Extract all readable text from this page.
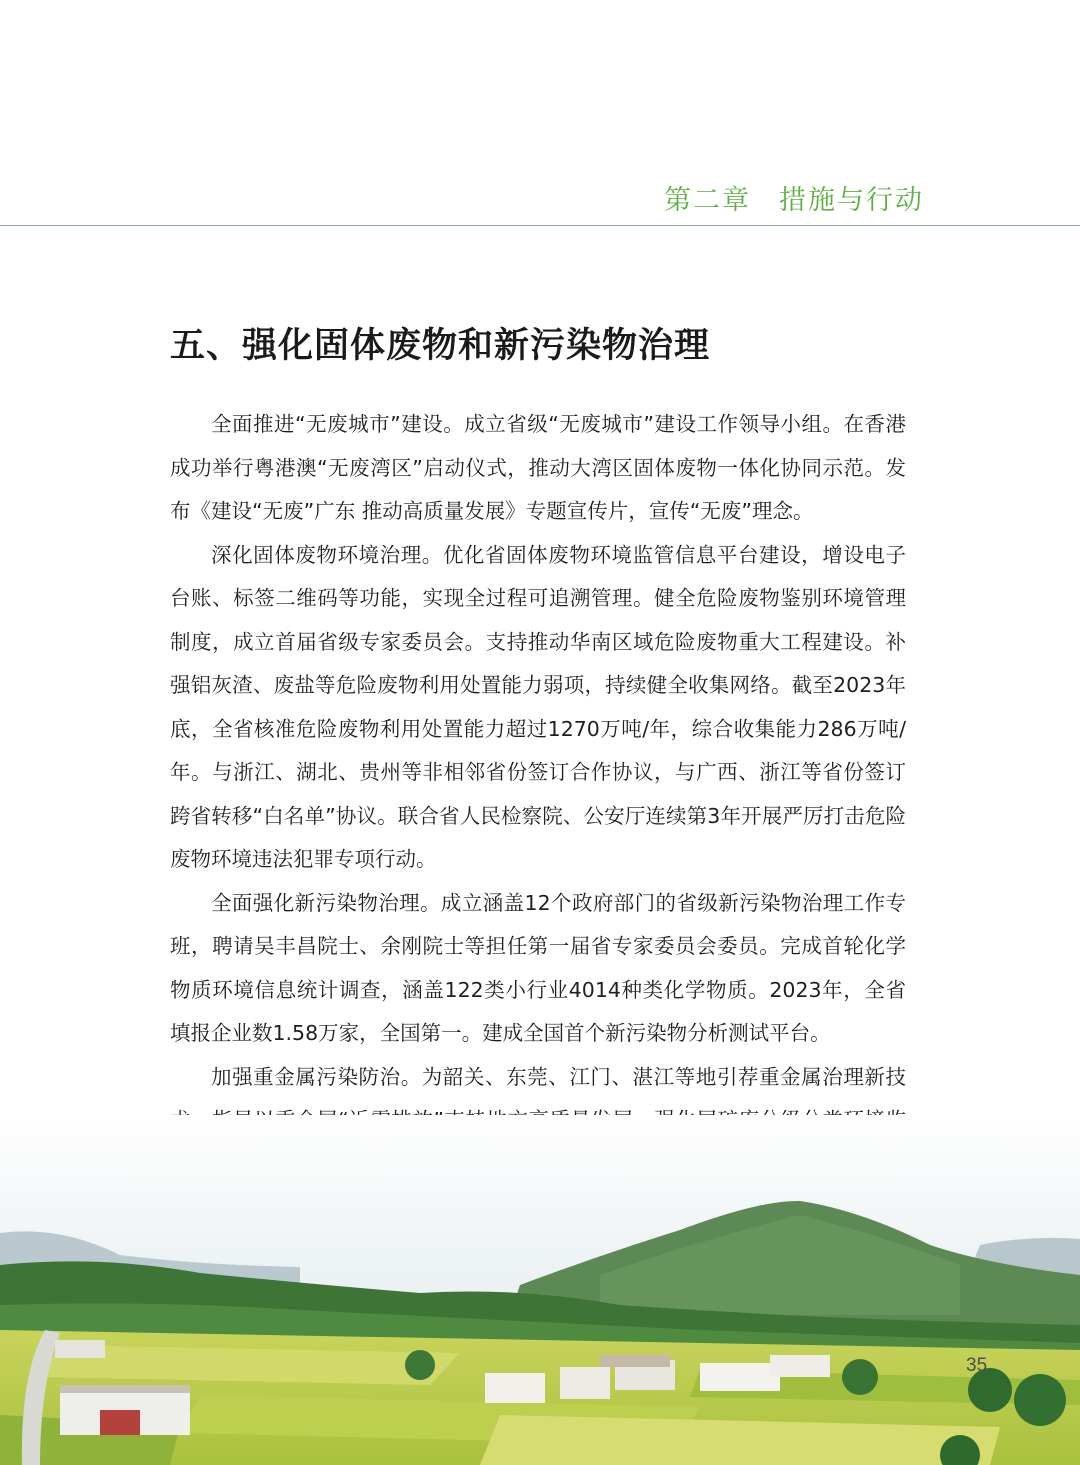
第二章 措施与行动
五、强化固体废物和新污染物治理

全面推进“无废城市”建设。成立省级“无废城市”建设工作领导小组。在香港成功举行粤港澳“无废湾区”启动仪式，推动大湾区固体废物一体化协同示范。发布《建设“无废”广东 推动高质量发展》专题宣传片，宣传“无废”理念。

深化固体废物环境治理。优化省固体废物环境监管信息平台建设，增设电子台账、标签二维码等功能，实现全过程可追溯管理。健全危险废物鉴别环境管理制度，成立首届省级专家委员会。支持推动华南区域危险废物重大工程建设。补强铝灰渣、废盐等危险废物利用处置能力弱项，持续健全收集网络。截至2023年底，全省核准危险废物利用处置能力超过1270万吨/年，综合收集能力286万吨/年。与浙江、湖北、贵州等非相邻省份签订合作协议，与广西、浙江等省份签订跨省转移“白名单”协议。联合省人民检察院、公安厅连续第3年开展严厉打击危险废物环境违法犯罪专项行动。

全面强化新污染物治理。成立涵盖12个政府部门的省级新污染物治理工作专班，聘请吴丰昌院士、余刚院士等担任第一届省专家委员会委员。完成首轮化学物质环境信息统计调查，涵盖122类小行业4014种类化学物质。2023年，全省填报企业数1.58万家，全国第一。建成全国首个新污染物分析测试平台。

加强重金属污染防治。为韶关、东莞、江门、湛江等地引荐重金属治理新技

35
